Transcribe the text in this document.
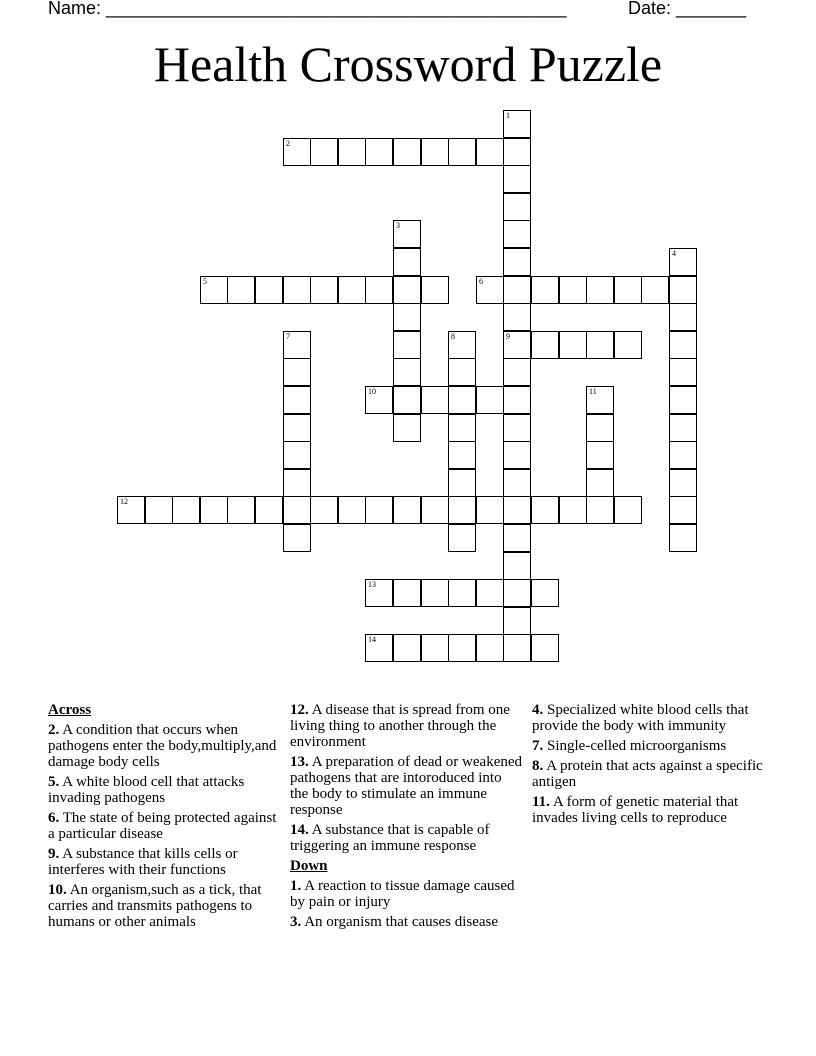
Name: ______________________________________________	Date: _______
Health Crossword Puzzle
1
9
2
3
4
5	6
7	8
10	11
12
13
14
Across
2. A condition that occurs when pathogens enter the body,multiply,and damage body cells
5. A white blood cell that attacks invading pathogens
6. The state of being protected against a particular disease
9. A substance that kills cells or interferes with their functions
10. An organism,such as a tick, that carries and transmits pathogens to humans or other animals
12. A disease that is spread from one living thing to another through the environment
13. A preparation of dead or weakened pathogens that are intoroduced into the body to stimulate an immune response
14. A substance that is capable of triggering an immune response
Down
1. A reaction to tissue damage caused by pain or injury
3. An organism that causes disease
4. Specialized white blood cells that provide the body with immunity
7. Single-celled microorganisms
8. A protein that acts against a specific antigen
11. A form of genetic material that invades living cells to reproduce
